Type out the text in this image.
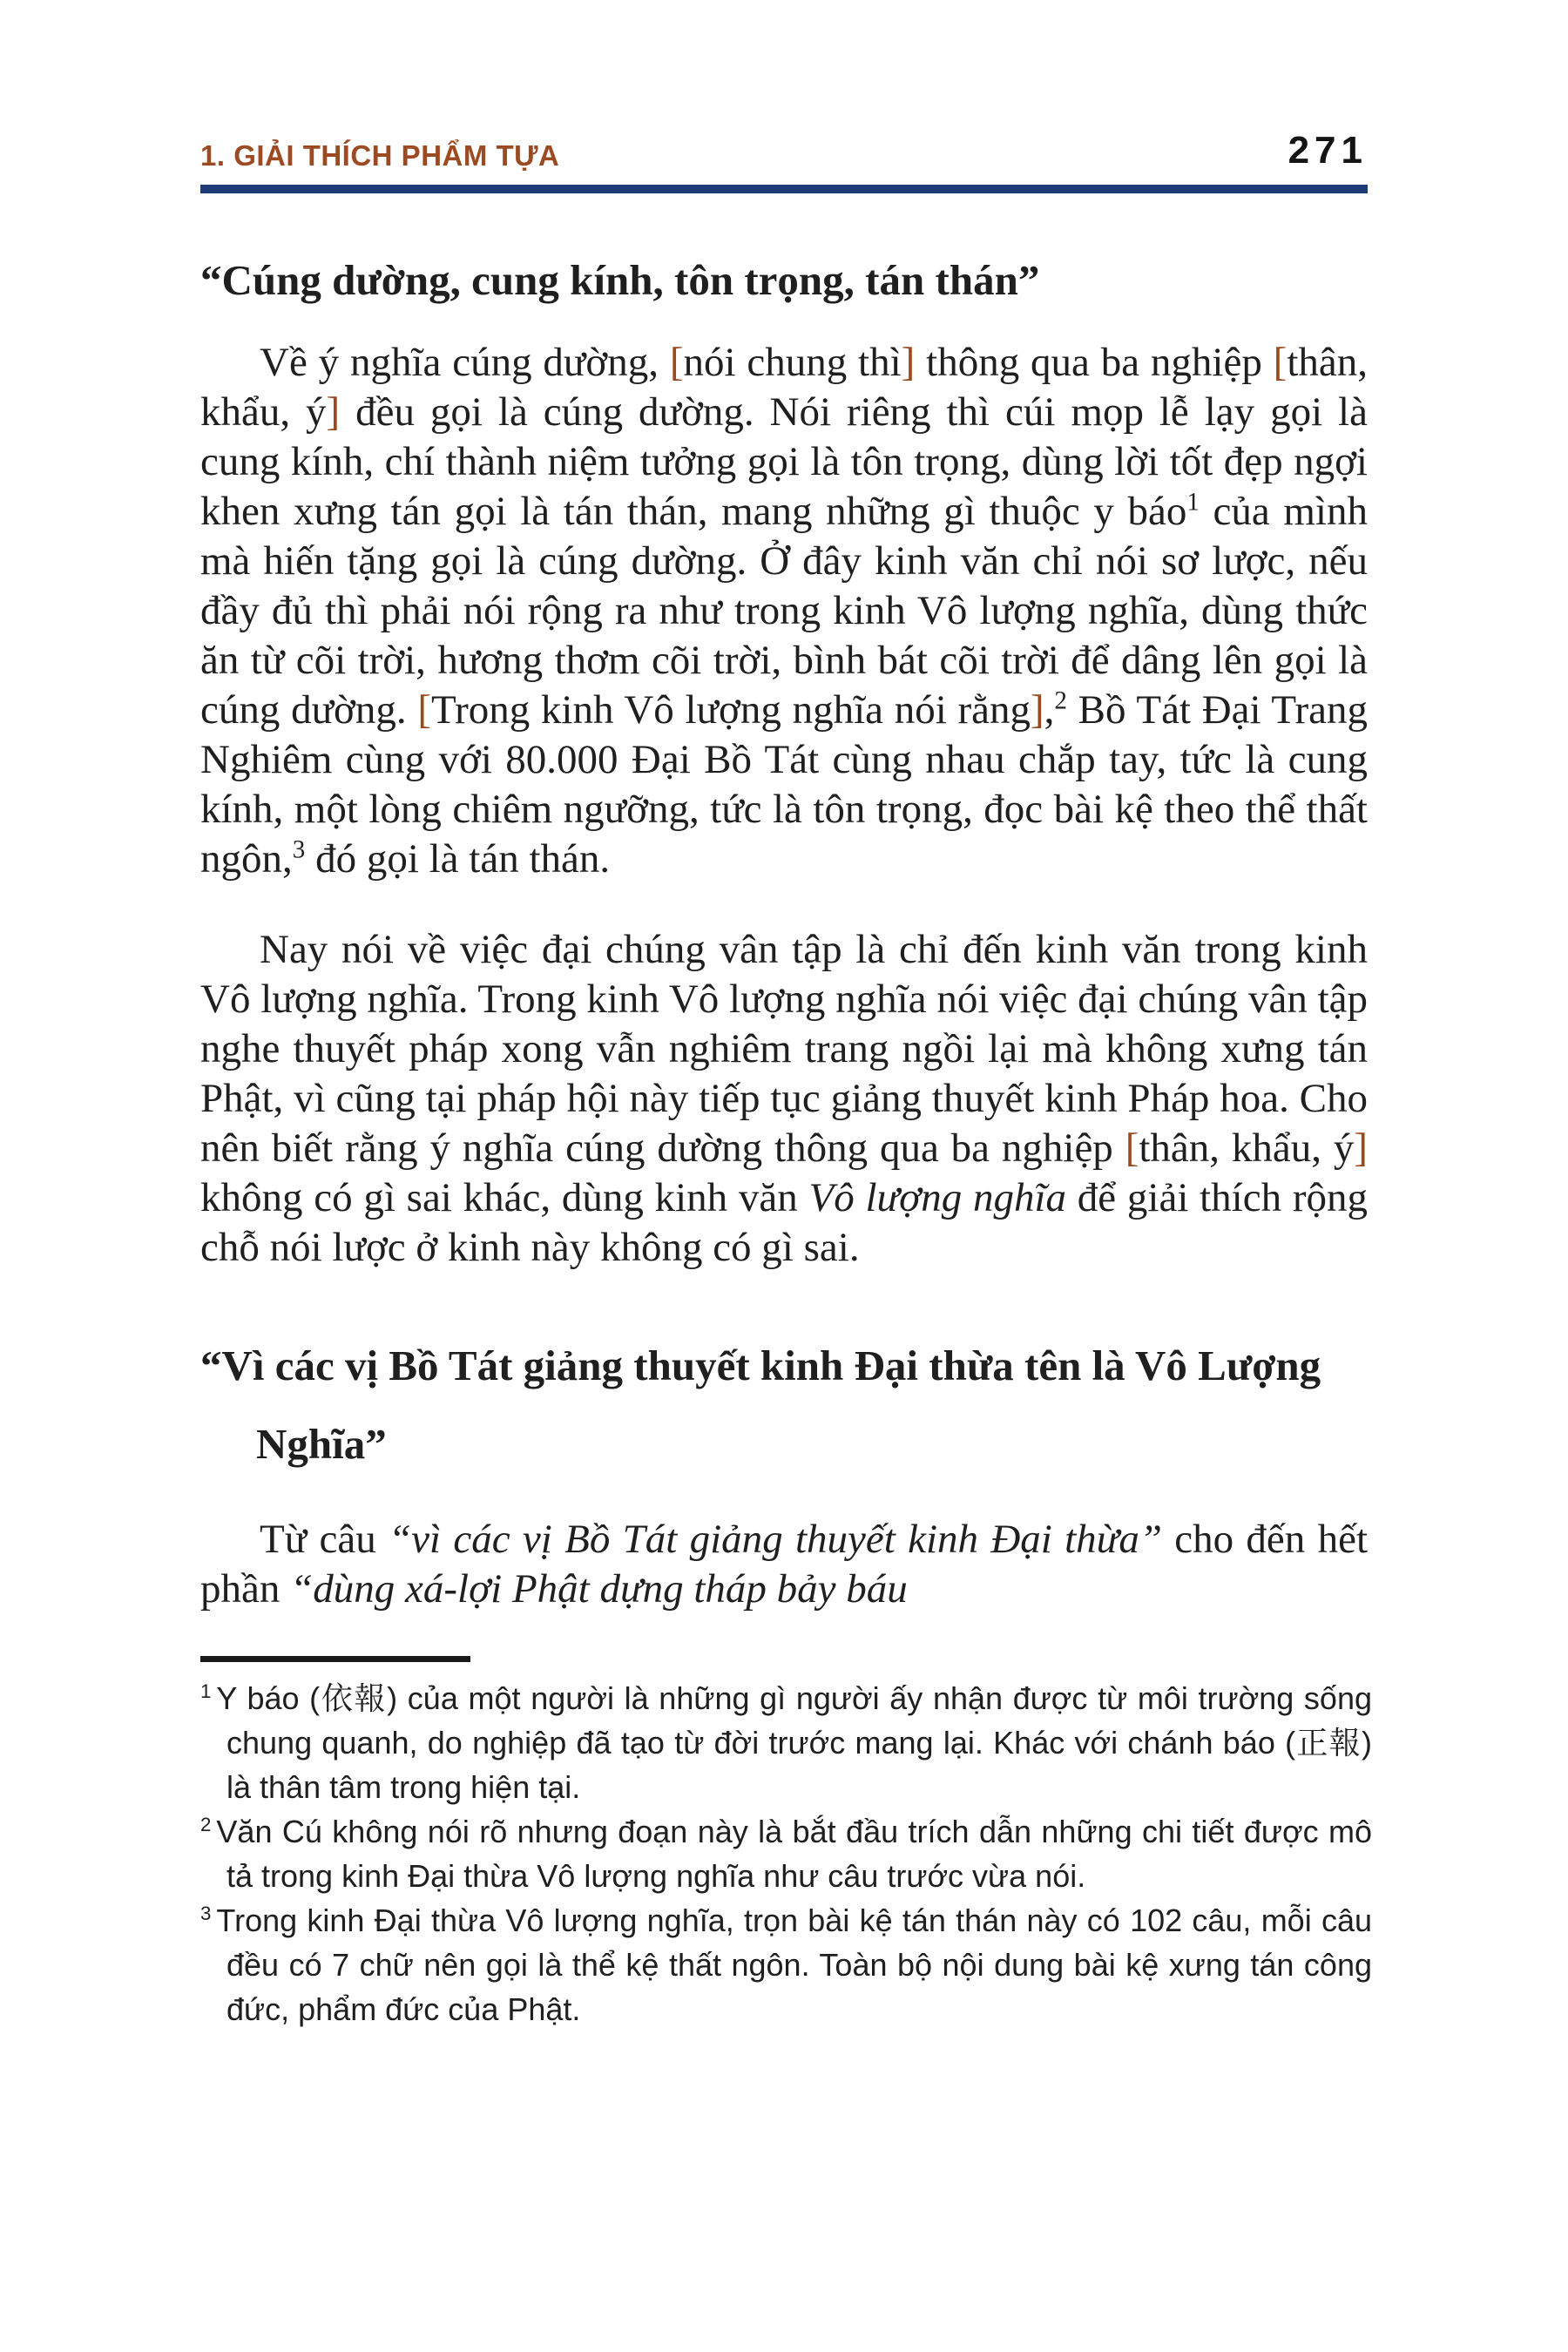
1. GIẢI THÍCH PHẨM TỰA	271
“Cúng dường, cung kính, tôn trọng, tán thán”

Về ý nghĩa cúng dường, [nói chung thì] thông qua ba nghiệp [thân, khẩu, ý] đều gọi là cúng dường. Nói riêng thì cúi mọp lễ lạy gọi là cung kính, chí thành niệm tưởng gọi là tôn trọng, dùng lời tốt đẹp ngợi khen xưng tán gọi là tán thán, mang những gì thuộc y báo$^1$ của mình mà hiến tặng gọi là cúng dường. Ở đây kinh văn chỉ nói sơ lược, nếu đầy đủ thì phải nói rộng ra như trong kinh Vô lượng nghĩa, dùng thức ăn từ cõi trời, hương thơm cõi trời, bình bát cõi trời để dâng lên gọi là cúng dường. [Trong kinh Vô lượng nghĩa nói rằng],$^2$ Bồ Tát Đại Trang Nghiêm cùng với 80.000 Đại Bồ Tát cùng nhau chắp tay, tức là cung kính, một lòng chiêm ngưỡng, tức là tôn trọng, đọc bài kệ theo thể thất ngôn,$^3$ đó gọi là tán thán.

Nay nói về việc đại chúng vân tập là chỉ đến kinh văn trong kinh Vô lượng nghĩa. Trong kinh Vô lượng nghĩa nói việc đại chúng vân tập nghe thuyết pháp xong vẫn nghiêm trang ngồi lại mà không xưng tán Phật, vì cũng tại pháp hội này tiếp tục giảng thuyết kinh Pháp hoa. Cho nên biết rằng ý nghĩa cúng dường thông qua ba nghiệp [thân, khẩu, ý] không có gì sai khác, dùng kinh văn Vô lượng nghĩa để giải thích rộng chỗ nói lược ở kinh này không có gì sai.

“Vì các vị Bồ Tát giảng thuyết kinh Đại thừa tên là Vô Lượng Nghĩa”

Từ câu “vì các vị Bồ Tát giảng thuyết kinh Đại thừa” cho đến hết phần “dùng xá-lợi Phật dựng tháp bảy báu

$^1$ Y báo (依報) của một người là những gì người ấy nhận được từ môi trường sống chung quanh, do nghiệp đã tạo từ đời trước mang lại. Khác với chánh báo (正報) là thân tâm trong hiện tại.
$^2$ Văn Cú không nói rõ nhưng đoạn này là bắt đầu trích dẫn những chi tiết được mô tả trong kinh Đại thừa Vô lượng nghĩa như câu trước vừa nói.
$^3$ Trong kinh Đại thừa Vô lượng nghĩa, trọn bài kệ tán thán này có 102 câu, mỗi câu đều có 7 chữ nên gọi là thể kệ thất ngôn. Toàn bộ nội dung bài kệ xưng tán công đức, phẩm đức của Phật.
